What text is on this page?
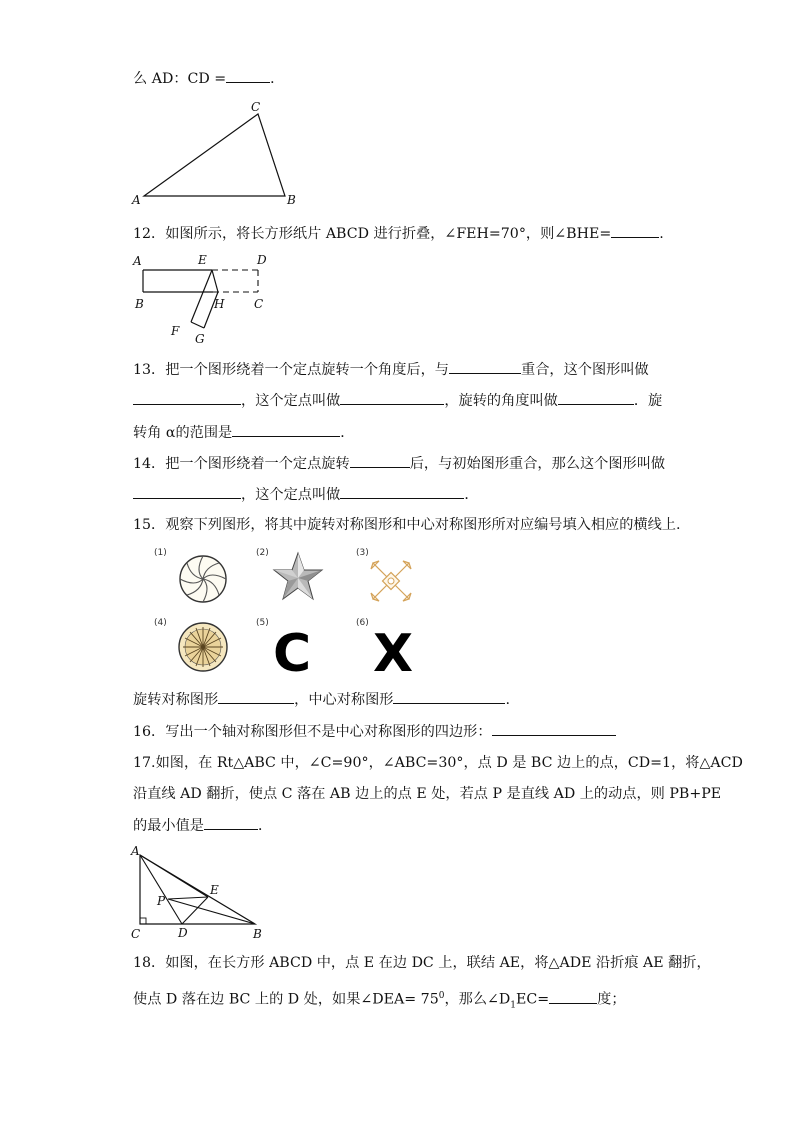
么 AD：CD =	．
A	B
C
12．如图所示，将长方形纸片 ABCD 进行折叠，∠FEH=70°，则∠BHE=	.
A	E	D
B	H C
F
G
13．把一个图形绕着一个定点旋转一个角度后，与	重合，这个图形叫做
，这个定点叫做	，旋转的角度叫做	．旋
转角 α的范围是	．
14．把一个图形绕着一个定点旋转	后，与初始图形重合，那么这个图形叫做
，这个定点叫做	．
15．观察下列图形，将其中旋转对称图形和中心对称图形所对应编号填入相应的横线上.
(1)	(2)	(3)
(4)	(5)
C
(6)
X
旋转对称图形	，中心对称图形	.
16．写出一个轴对称图形但不是中心对称图形的四边形：
17.如图，在 Rt△ABC 中，∠C=90°，∠ABC=30°，点 D 是 BC 边上的点，CD=1，将△ACD
沿直线 AD 翻折，使点 C 落在 AB 边上的点 E 处，若点 P 是直线 AD 上的动点，则 PB+PE
的最小值是	．
A
E
P
C	D	B
18．如图，在长方形 ABCD 中，点 E 在边 DC 上，联结 AE，将△ADE 沿折痕 AE 翻折，
使点 D 落在边 BC 上的 D 处，如果∠DEA= $75^0$，那么$\angle D_1EC=$	度；
